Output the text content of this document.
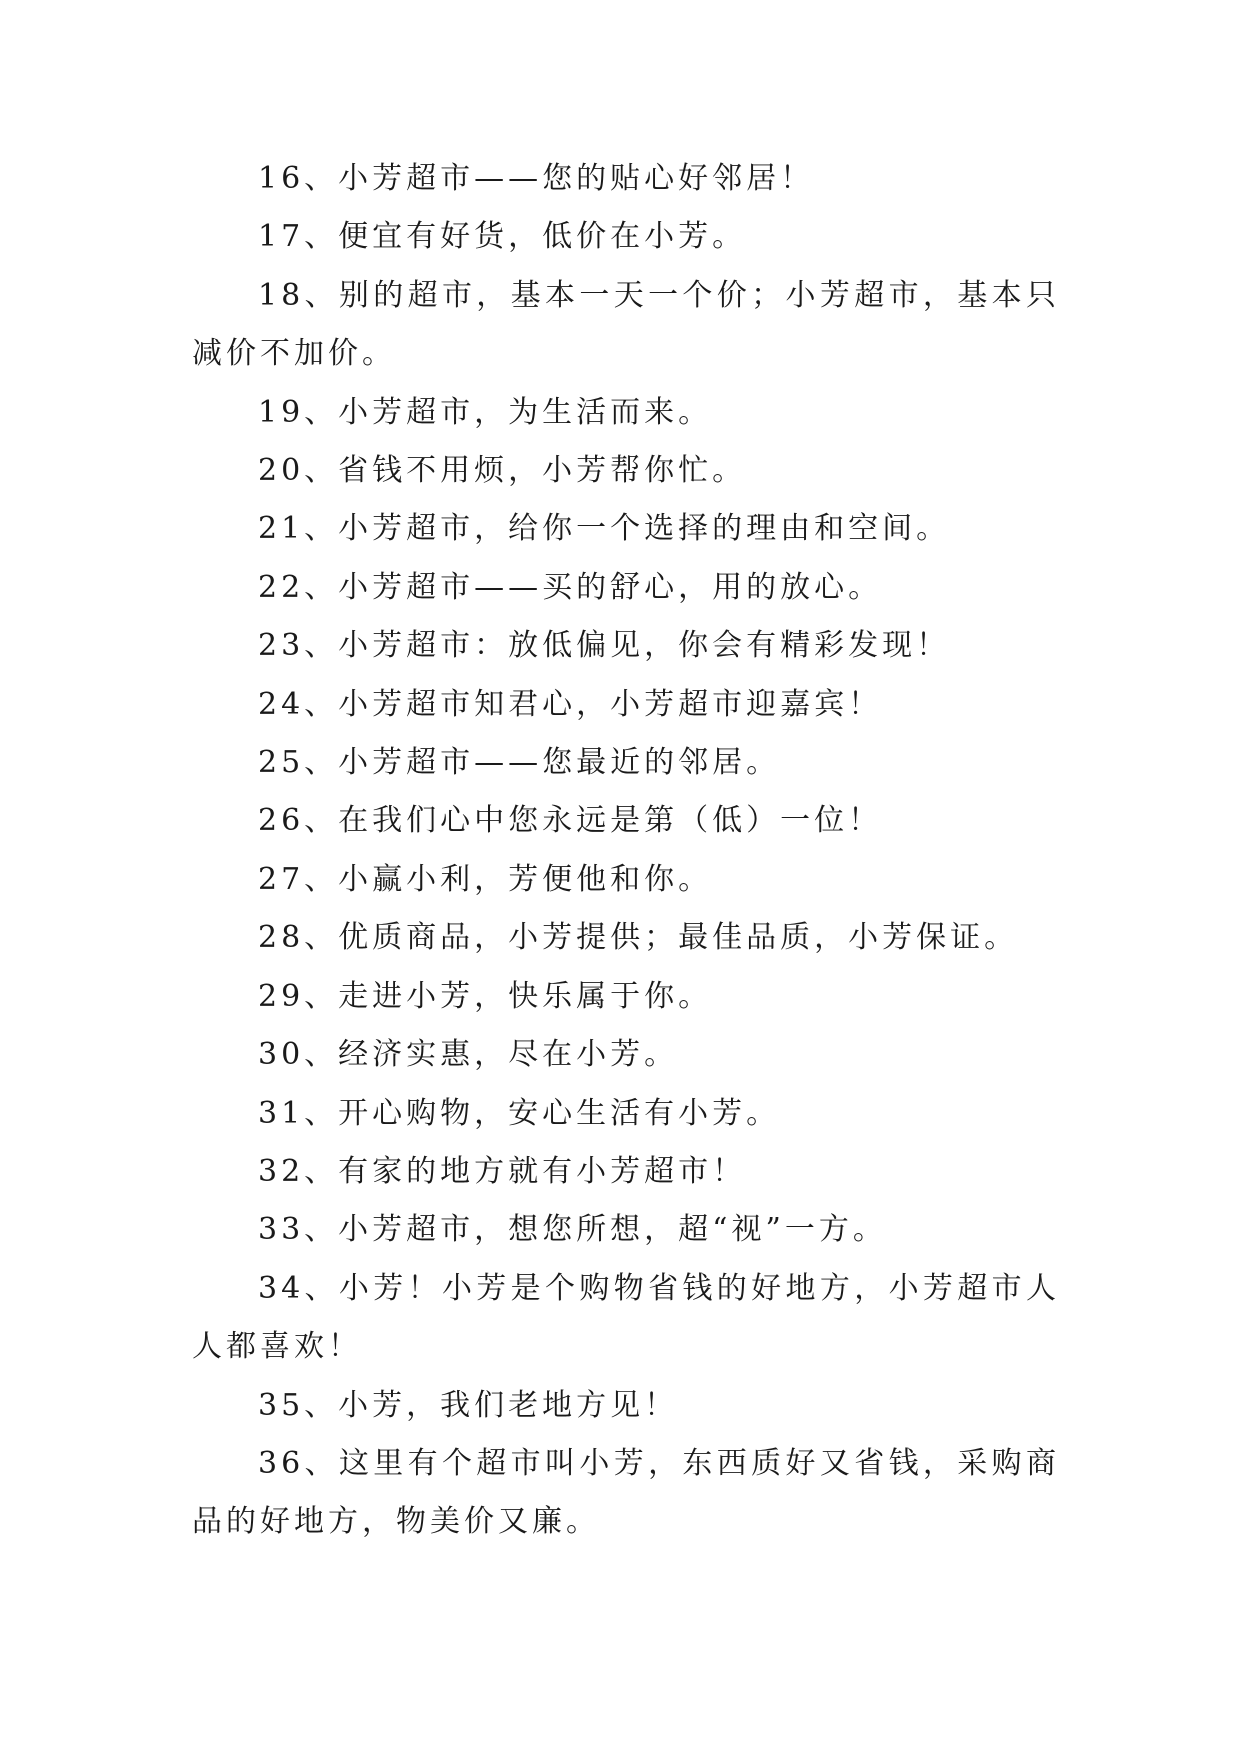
16、小芳超市——您的贴心好邻居！

17、便宜有好货，低价在小芳。

18、别的超市，基本一天一个价；小芳超市，基本只减价不加价。

19、小芳超市，为生活而来。

20、省钱不用烦，小芳帮你忙。

21、小芳超市，给你一个选择的理由和空间。

22、小芳超市——买的舒心，用的放心。

23、小芳超市：放低偏见，你会有精彩发现！

24、小芳超市知君心，小芳超市迎嘉宾！

25、小芳超市——您最近的邻居。

26、在我们心中您永远是第（低）一位！

27、小赢小利，芳便他和你。

28、优质商品，小芳提供；最佳品质，小芳保证。

29、走进小芳，快乐属于你。

30、经济实惠，尽在小芳。

31、开心购物，安心生活有小芳。

32、有家的地方就有小芳超市！

33、小芳超市，想您所想，超“视”一方。

34、小芳！小芳是个购物省钱的好地方，小芳超市人人都喜欢！

35、小芳，我们老地方见！

36、这里有个超市叫小芳，东西质好又省钱，采购商品的好地方，物美价又廉。
